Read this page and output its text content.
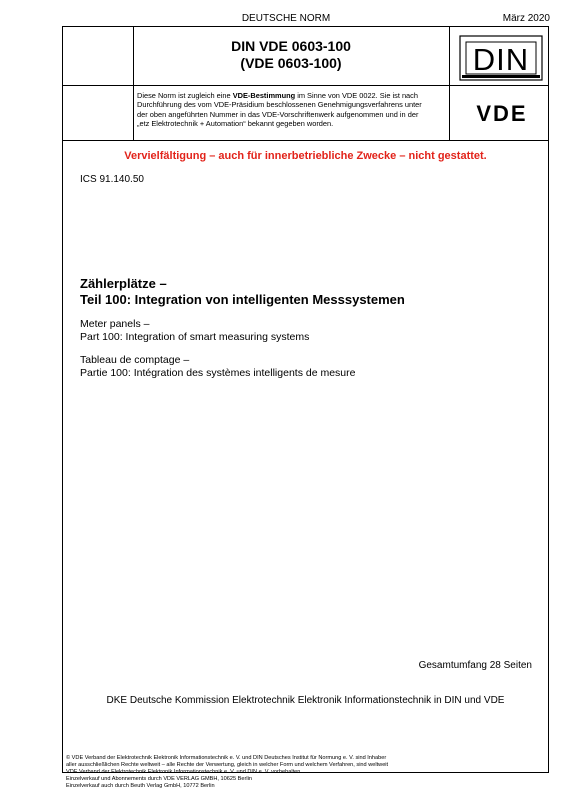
DEUTSCHE NORM	März 2020
DIN VDE 0603-100
(VDE 0603-100)
Diese Norm ist zugleich eine VDE-Bestimmung im Sinne von VDE 0022. Sie ist nach
Durchführung des vom VDE-Präsidium beschlossenen Genehmigungsverfahrens unter
der oben angeführten Nummer in das VDE-Vorschriftenwerk aufgenommen und in der
„etz Elektrotechnik + Automation“ bekannt gegeben worden.
DIN
VDE
Vervielfältigung – auch für innerbetriebliche Zwecke – nicht gestattet.
ICS 91.140.50
Zählerplätze –
Teil 100: Integration von intelligenten Messsystemen
Meter panels –
Part 100: Integration of smart measuring systems
Tableau de comptage –
Partie 100: Intégration des systèmes intelligents de mesure
Gesamtumfang 28 Seiten
DKE Deutsche Kommission Elektrotechnik Elektronik Informationstechnik in DIN und VDE
© VDE Verband der Elektrotechnik Elektronik Informationstechnik e. V. und DIN Deutsches Institut für Normung e. V. sind Inhaber
aller ausschließlichen Rechte weltweit – alle Rechte der Verwertung, gleich in welcher Form und welchem Verfahren, sind weltweit
VDE Verband der Elektrotechnik Elektronik Informationstechnik e. V. und DIN e. V. vorbehalten.
Einzelverkauf und Abonnements durch VDE VERLAG GMBH, 10625 Berlin
Einzelverkauf auch durch Beuth Verlag GmbH, 10772 Berlin
